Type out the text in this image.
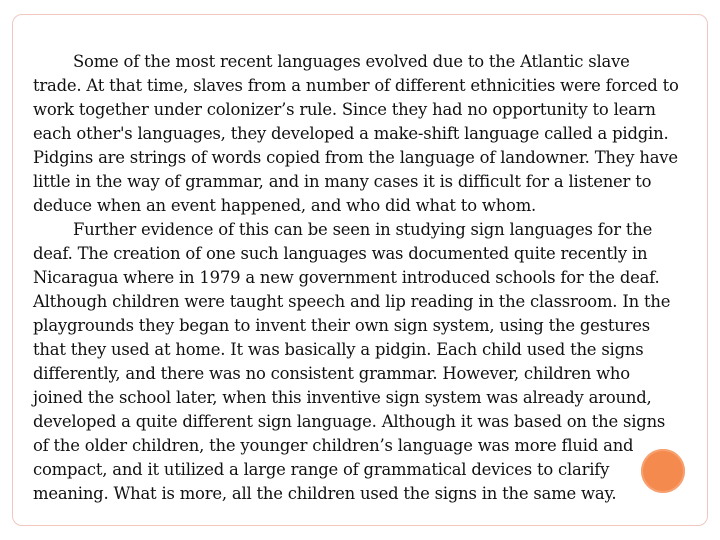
Some of the most recent languages evolved due to the Atlantic slave trade. At that time, slaves from a number of different ethnicities were forced to work together under colonizer’s rule. Since they had no opportunity to learn each other's languages, they developed a make-shift language called a pidgin. Pidgins are strings of words copied from the language of landowner. They have little in the way of grammar, and in many cases it is difficult for a listener to deduce when an event happened, and who did what to whom.

Further evidence of this can be seen in studying sign languages for the deaf. The creation of one such languages was documented quite recently in Nicaragua where in 1979 a new government introduced schools for the deaf. Although children were taught speech and lip reading in the classroom. In the playgrounds they began to invent their own sign system, using the gestures that they used at home. It was basically a pidgin. Each child used the signs differently, and there was no consistent grammar. However, children who joined the school later, when this inventive sign system was already around, developed a quite different sign language. Although it was based on the signs of the older children, the younger children’s language was more fluid and compact, and it utilized a large range of grammatical devices to clarify meaning. What is more, all the children used the signs in the same way.
